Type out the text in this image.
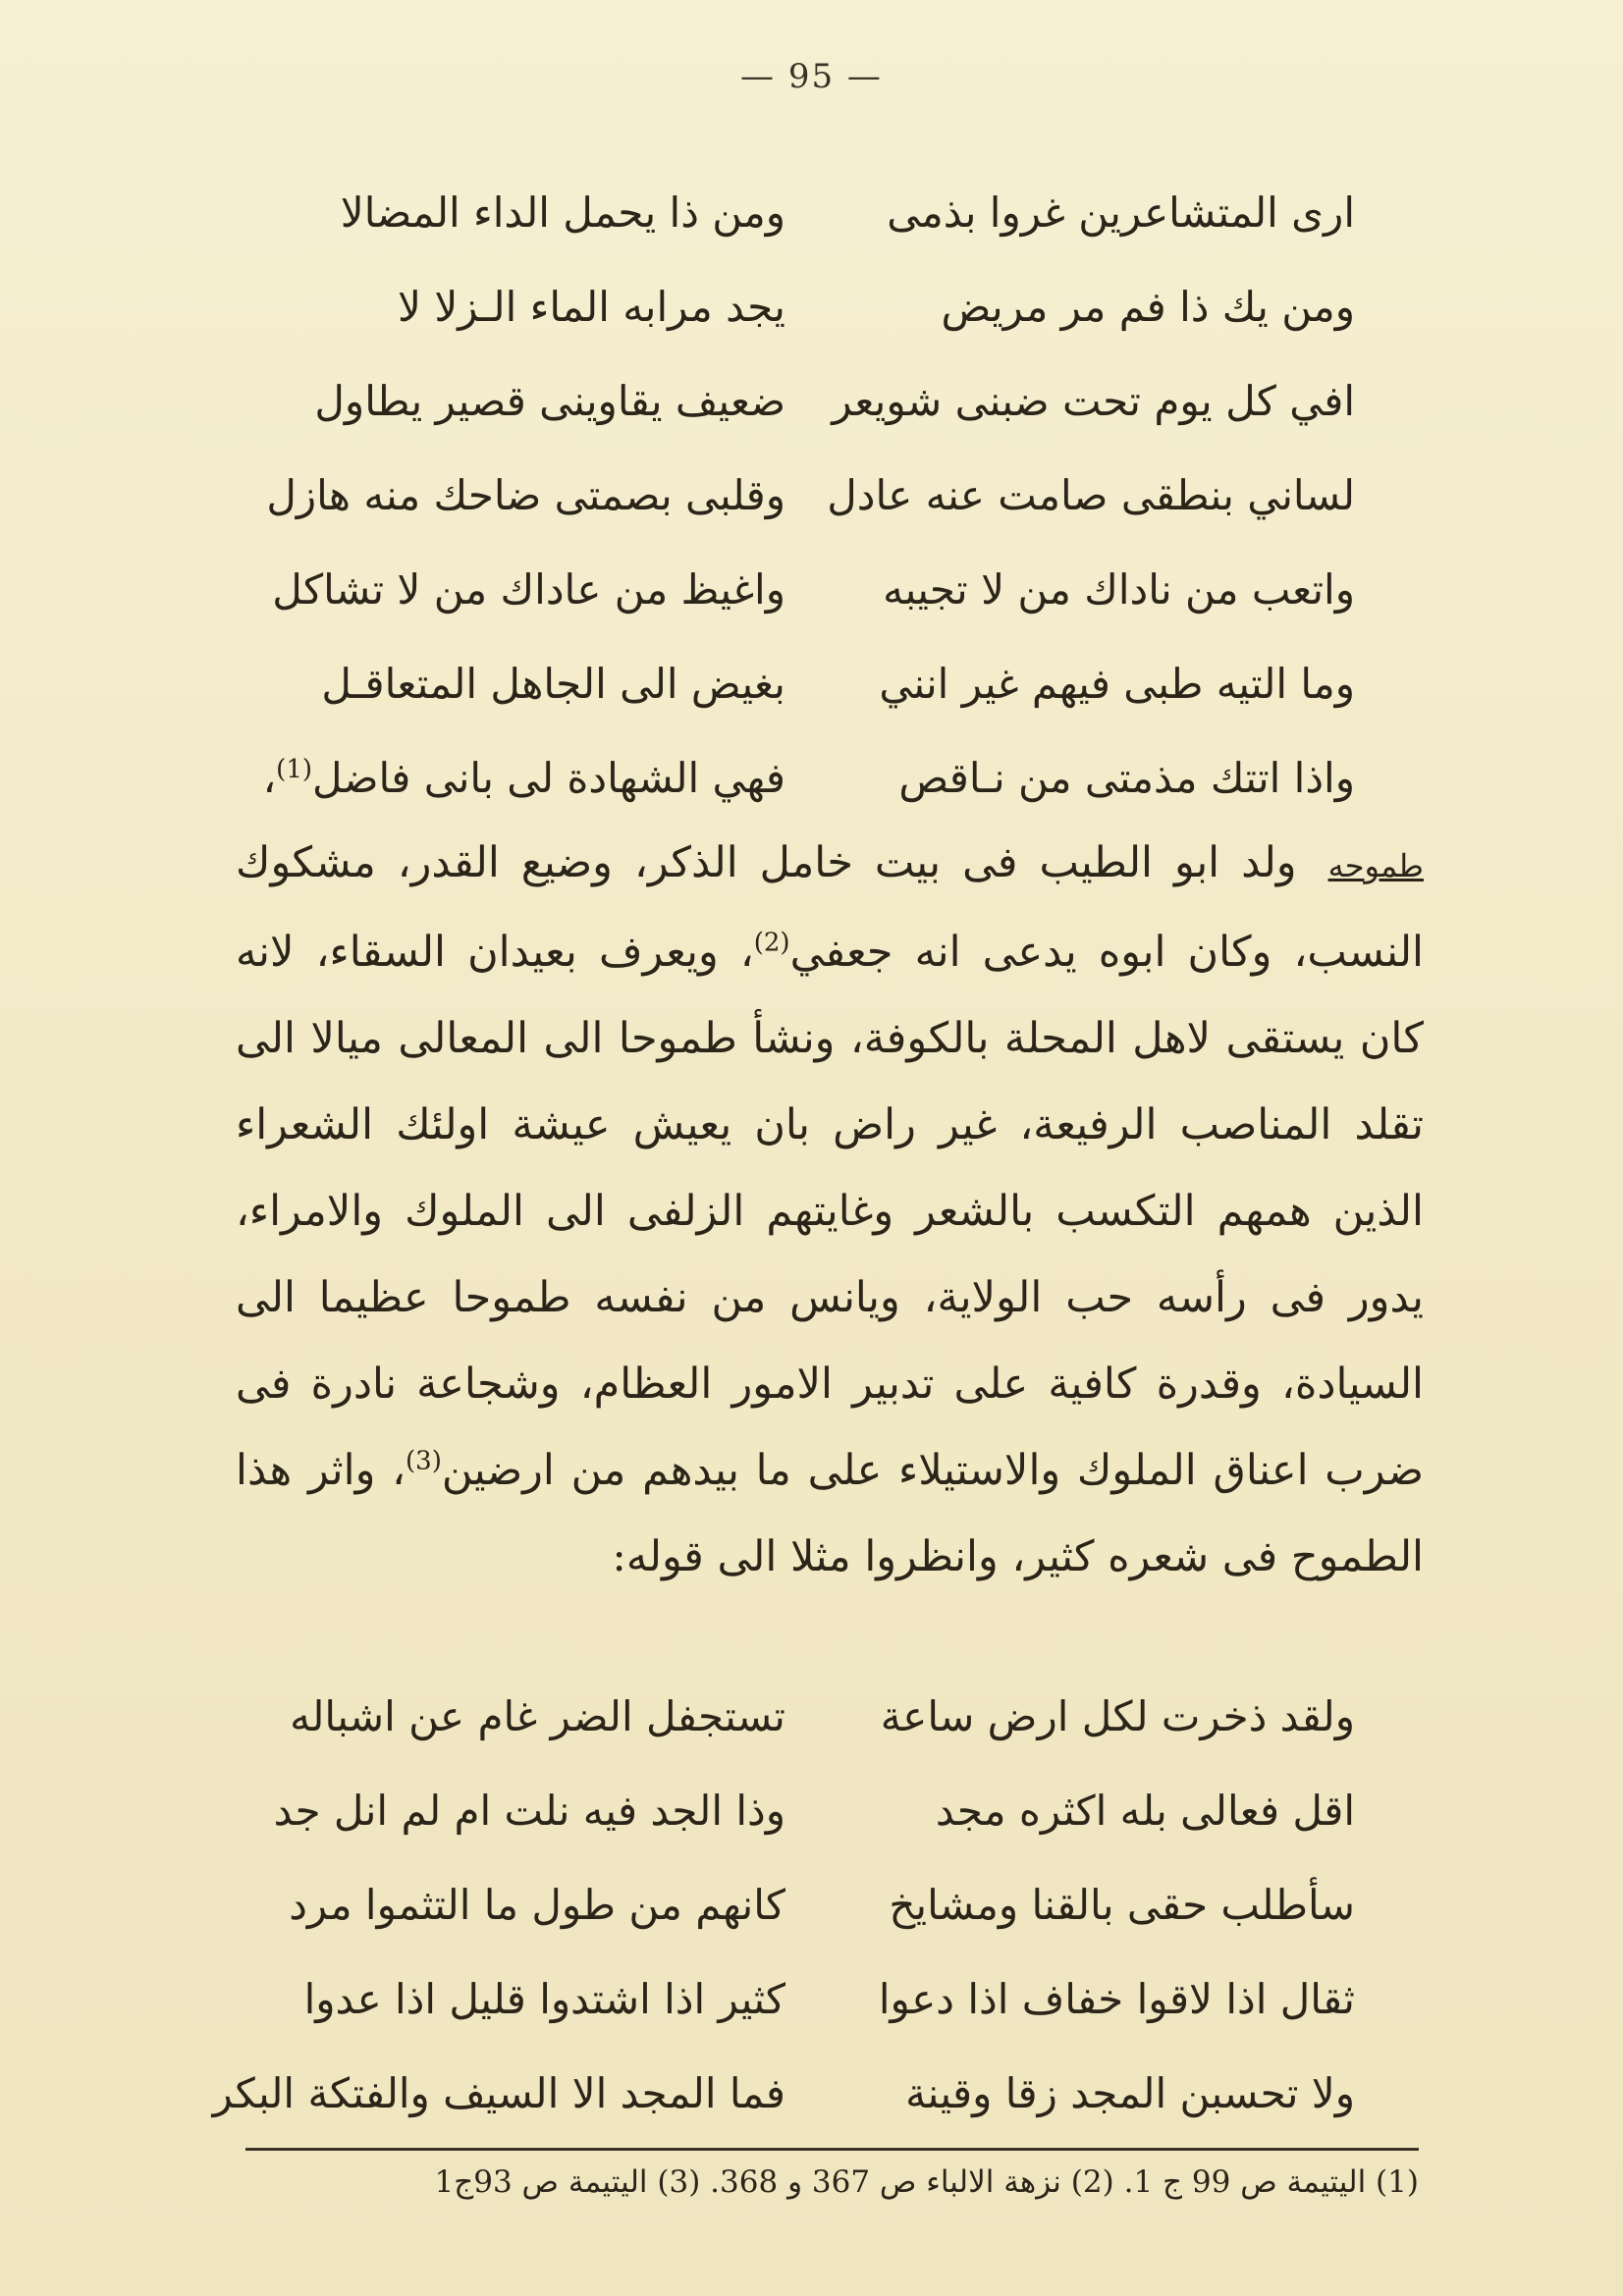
— 95 —
ارى المتشاعرين غروا بذمى
ومن ذا يحمل الداء المضالا
ومن يك ذا فم مر مريض
يجد مرابه الماء الـزلا لا
افي كل يوم تحت ضبنى شويعر
ضعيف يقاوينى قصير يطاول
لساني بنطقى صامت عنه عادل
وقلبى بصمتى ضاحك منه هازل
واتعب من ناداك من لا تجيبه
واغيظ من عاداك من لا تشاكل
وما التيه طبى فيهم غير انني
بغيض الى الجاهل المتعاقـل
واذا اتتك مذمتى من نـاقص
فهي الشهادة لى بانى فاضل$^{(1)}$،

طموحه ولد ابو الطيب فى بيت خامل الذكر، وضيع القدر، مشكوك النسب، وكان ابوه يدعى انه جعفي$^{(2)}$، ويعرف بعيدان السقاء، لانه كان يستقى لاهل المحلة بالكوفة، ونشأ طموحا الى المعالى ميالا الى تقلد المناصب الرفيعة، غير راض بان يعيش عيشة اولئك الشعراء الذين همهم التكسب بالشعر وغايتهم الزلفى الى الملوك والامراء، يدور فى رأسه حب الولاية، ويانس من نفسه طموحا عظيما الى السيادة، وقدرة كافية على تدبير الامور العظام، وشجاعة نادرة فى ضرب اعناق الملوك والاستيلاء على ما بيدهم من ارضين$^{(3)}$، واثر هذا الطموح فى شعره كثير، وانظروا مثلا الى قوله:

ولقد ذخرت لكل ارض ساعة
تستجفل الضر غام عن اشباله
اقل فعالى بله اكثره مجد
وذا الجد فيه نلت ام لم انل جد
سأطلب حقى بالقنا ومشايخ
كانهم من طول ما التثموا مرد
ثقال اذا لاقوا خفاف اذا دعوا
كثير اذا اشتدوا قليل اذا عدوا
ولا تحسبن المجد زقا وقينة
فما المجد الا السيف والفتكة البكر
(1) اليتيمة ص 99 ج 1. (2) نزهة الالباء ص 367 و 368. (3) اليتيمة ص 93ج1
